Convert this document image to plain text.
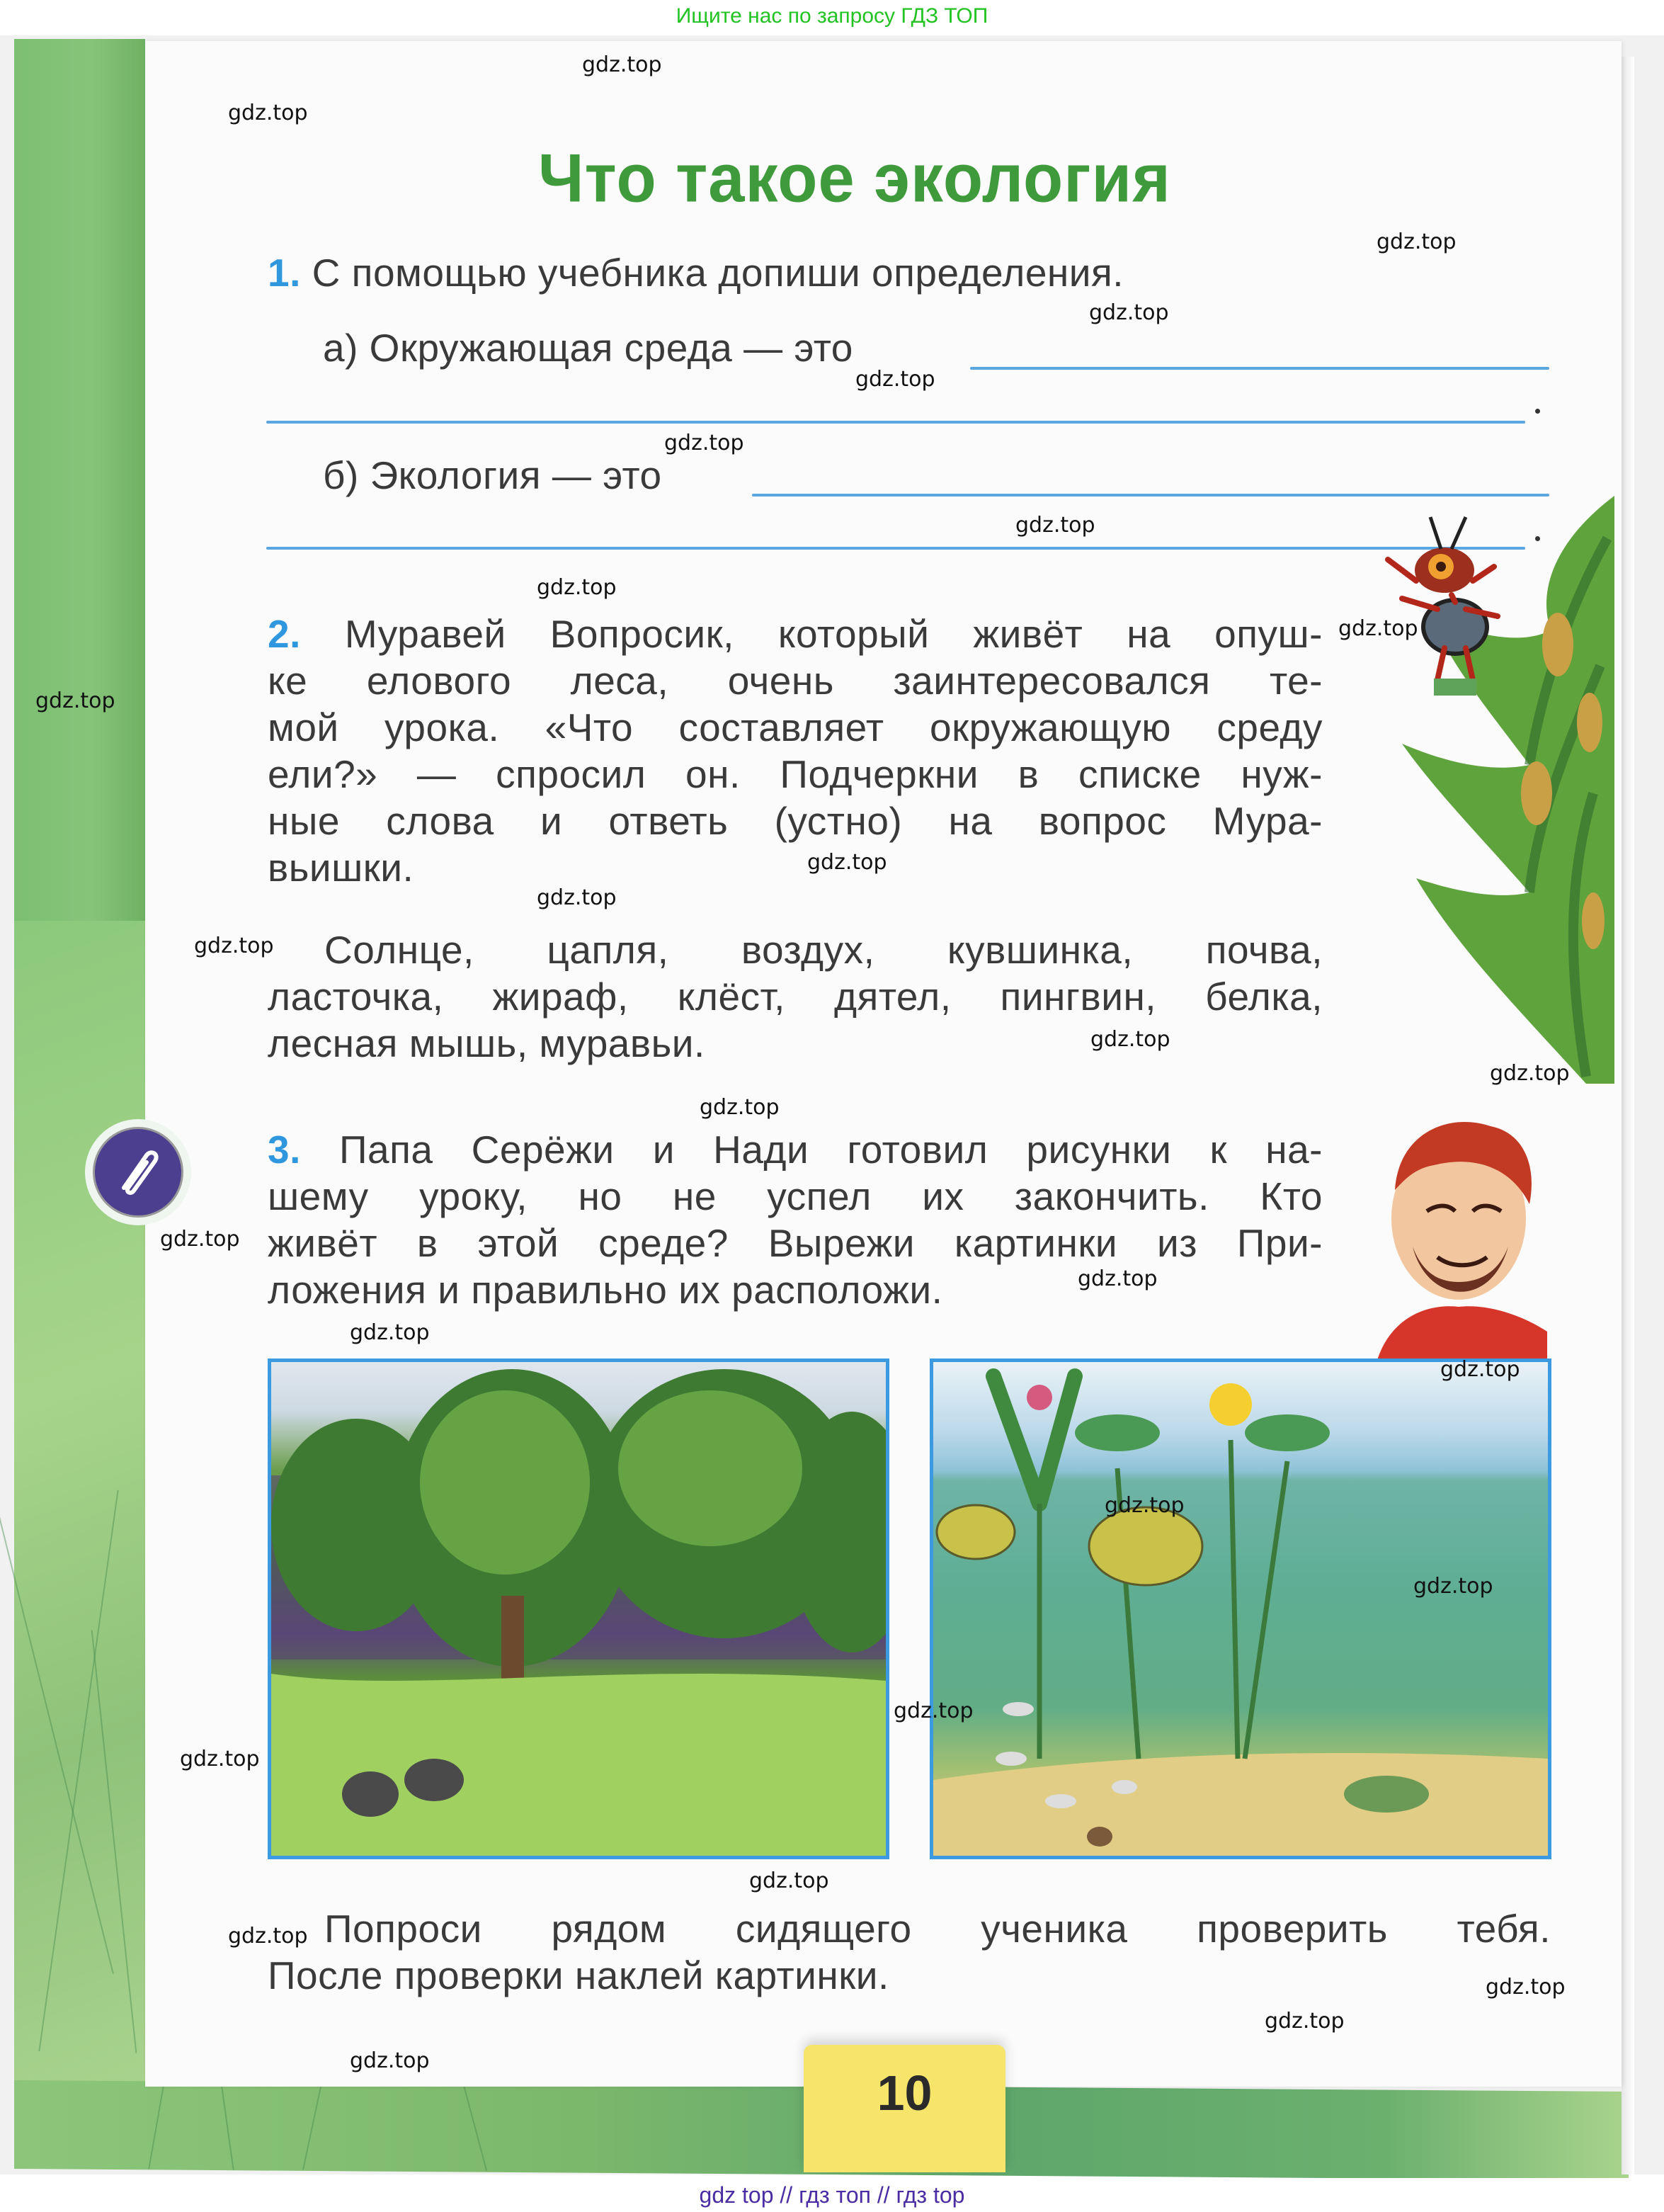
Ищите нас по запросу ГДЗ ТОП
Что такое экология
1. С помощью учебника допиши определения.
а) Окружающая среда — это
б) Экология — это
2. Муравей Вопросик, который живёт на опуш-
ке елового леса, очень заинтересовался те-
мой урока. «Что составляет окружающую среду
ели?» — спросил он. Подчеркни в списке нуж-
ные слова и ответь (устно) на вопрос Мура-
вьишки.
Солнце, цапля, воздух, кувшинка, почва,
ласточка, жираф, клёст, дятел, пингвин, белка,
лесная мышь, муравьи.
3. Папа Серёжи и Нади готовил рисунки к на-
шему уроку, но не успел их закончить. Кто
живёт в этой среде? Вырежи картинки из При-
ложения и правильно их расположи.
Попроси рядом сидящего ученика проверить тебя.
После проверки наклей картинки.
10
gdz.top
gdz.top
gdz.top
gdz.top
gdz.top
gdz.top
gdz.top
gdz.top
gdz.top
gdz.top
gdz.top
gdz.top
gdz.top
gdz.top
gdz.top
gdz.top
gdz.top
gdz.top
gdz.top
gdz.top
gdz.top
gdz.top
gdz.top
gdz.top
gdz.top
gdz.top
gdz.top
gdz.top
gdz.top
gdz top // гдз топ // гдз top
